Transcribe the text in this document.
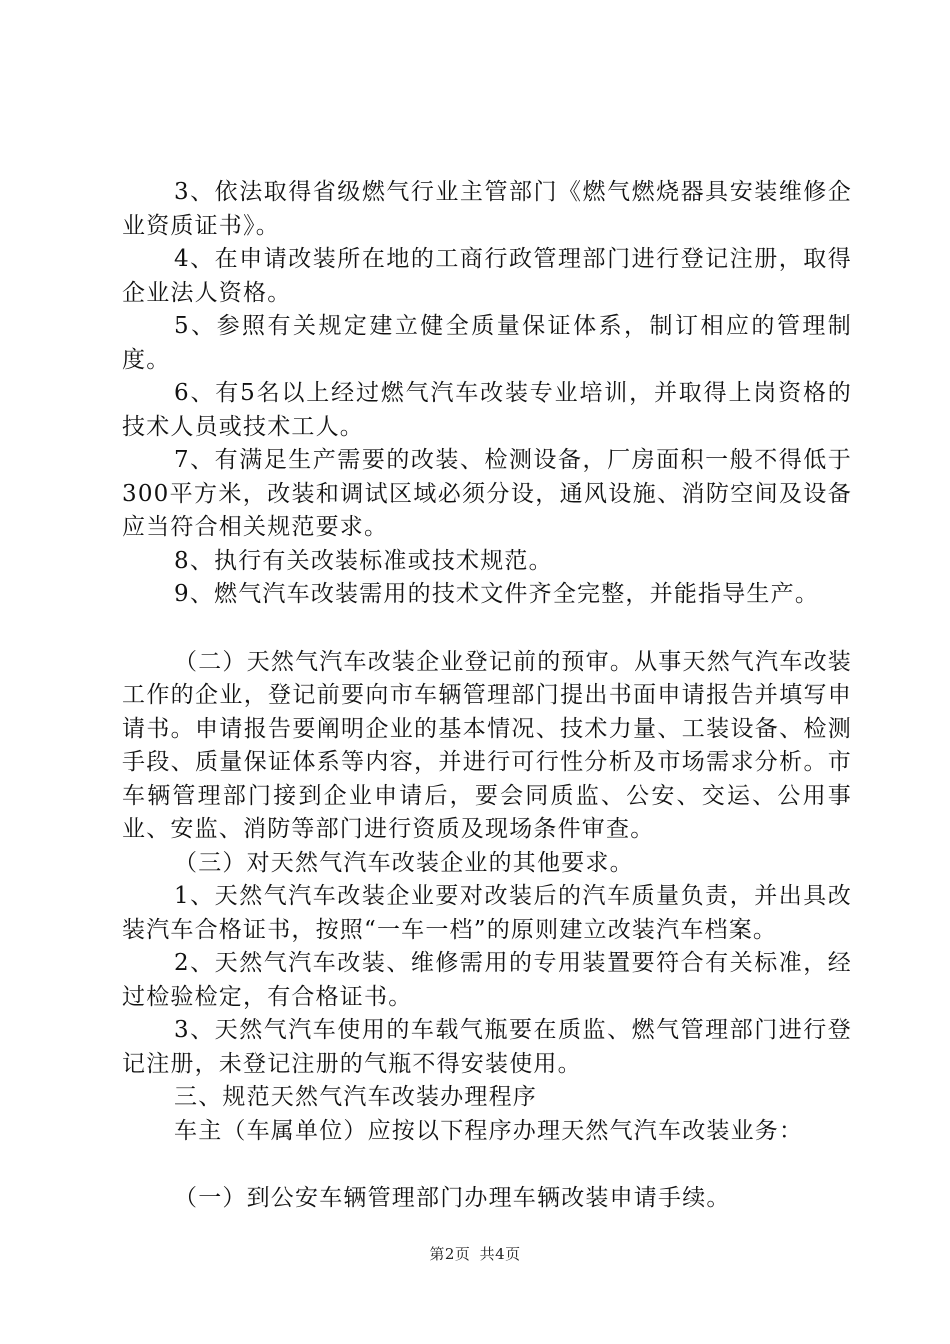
3、依法取得省级燃气行业主管部门《燃气燃烧器具安装维修企业资质证书》。

4、在申请改装所在地的工商行政管理部门进行登记注册，取得企业法人资格。

5、参照有关规定建立健全质量保证体系，制订相应的管理制度。

6、有5名以上经过燃气汽车改装专业培训，并取得上岗资格的技术人员或技术工人。

7、有满足生产需要的改装、检测设备，厂房面积一般不得低于300平方米，改装和调试区域必须分设，通风设施、消防空间及设备应当符合相关规范要求。

8、执行有关改装标准或技术规范。

9、燃气汽车改装需用的技术文件齐全完整，并能指导生产。

（二）天然气汽车改装企业登记前的预审。从事天然气汽车改装工作的企业，登记前要向市车辆管理部门提出书面申请报告并填写申请书。申请报告要阐明企业的基本情况、技术力量、工装设备、检测手段、质量保证体系等内容，并进行可行性分析及市场需求分析。市车辆管理部门接到企业申请后，要会同质监、公安、交运、公用事业、安监、消防等部门进行资质及现场条件审查。

（三）对天然气汽车改装企业的其他要求。

1、天然气汽车改装企业要对改装后的汽车质量负责，并出具改装汽车合格证书，按照“一车一档”的原则建立改装汽车档案。

2、天然气汽车改装、维修需用的专用装置要符合有关标准，经过检验检定，有合格证书。

3、天然气汽车使用的车载气瓶要在质监、燃气管理部门进行登记注册，未登记注册的气瓶不得安装使用。

三、规范天然气汽车改装办理程序

车主（车属单位）应按以下程序办理天然气汽车改装业务：

（一）到公安车辆管理部门办理车辆改装申请手续。

第2页 共4页
